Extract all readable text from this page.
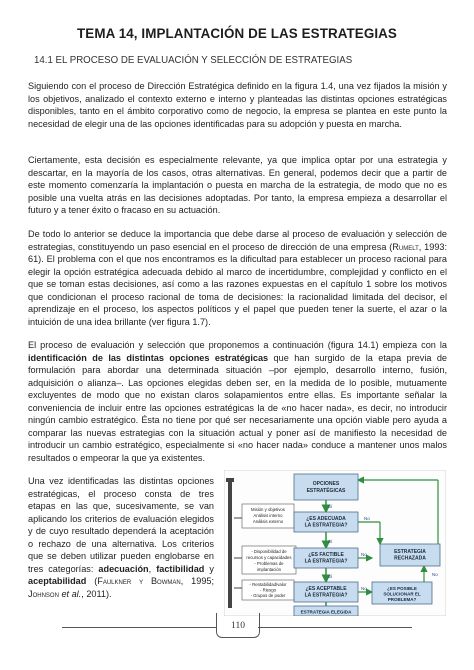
TEMA 14, IMPLANTACIÓN DE LAS ESTRATEGIAS
14.1 EL PROCESO DE EVALUACIÓN Y SELECCIÓN DE ESTRATEGIAS

Siguiendo con el proceso de Dirección Estratégica definido en la figura 1.4, una vez fijados la misión y los objetivos, analizado el contexto externo e interno y planteadas las distintas opciones estratégicas disponibles, tanto en el ámbito corporativo como de negocio, la empresa se plantea en este punto la necesidad de elegir una de las opciones identificadas para su adopción y puesta en marcha.

Ciertamente, esta decisión es especialmente relevante, ya que implica optar por una estrategia y descartar, en la mayoría de los casos, otras alternativas. En general, podemos decir que a partir de este momento comenzaría la implantación o puesta en marcha de la estrategia, de modo que no es posible una vuelta atrás en las decisiones adoptadas. Por tanto, la empresa empieza a desarrollar el futuro y a tener éxito o fracaso en su actuación.

De todo lo anterior se deduce la importancia que debe darse al proceso de evaluación y selección de estrategias, constituyendo un paso esencial en el proceso de dirección de una empresa (Rumelt, 1993: 61). El problema con el que nos encontramos es la dificultad para establecer un proceso racional para elegir la opción estratégica adecuada debido al marco de incertidumbre, complejidad y conflicto en el que se toman estas decisiones, así como a las razones expuestas en el capítulo 1 sobre los motivos que condicionan el proceso racional de toma de decisiones: la racionalidad limitada del decisor, el aprendizaje en el proceso, los aspectos políticos y el papel que pueden tener la suerte, el azar o la intuición de una idea brillante (ver figura 1.7).

El proceso de evaluación y selección que proponemos a continuación (figura 14.1) empieza con la identificación de las distintas opciones estratégicas que han surgido de la etapa previa de formulación para abordar una determinada situación –por ejemplo, desarrollo interno, fusión, adquisición o alianza–. Las opciones elegidas deben ser, en la medida de lo posible, mutuamente excluyentes de modo que no existan claros solapamientos entre ellas. Es importante señalar la conveniencia de incluir entre las opciones estratégicas la de «no hacer nada», es decir, no introducir ningún cambio estratégico. Ésta no tiene por qué ser necesariamente una opción viable pero ayuda a comparar las nuevas estrategias con la situación actual y poner así de manifiesto la necesidad de introducir un cambio estratégico, especialmente si «no hacer nada» conduce a mantener unos malos resultados o empeorar la que ya existentes.

Una vez identificadas las distintas opciones estratégicas, el proceso consta de tres etapas en las que, sucesivamente, se van aplicando los criterios de evaluación elegidos y de cuyo resultado dependerá la aceptación o rechazo de una alternativa. Los criterios que se deben utilizar pueden englobarse en tres categorías: adecuación, factibilidad y aceptabilidad (Faulkner y Bowman, 1995; Johnson et al., 2011).

Misión y objetivos
Análisis interno
Análisis externo
- Disponibilidad de
recursos y capacidades
- Problemas de
implantación
- Rentabilidad/valor
- Riesgo
- Grupos de poder
OPCIONES ESTRATÉGICAS
¿ES ADECUADA LA ESTRATEGIA?
¿ES FACTIBLE LA ESTRATEGIA?
¿ES ACEPTABLE LA ESTRATEGIA?
ESTRATEGIA RECHAZADA
¿ES POSIBLE SOLUCIONAR EL PROBLEMA?
ESTRATEGIA ELEGIDA
No
No
No
Sí
Sí
Sí	No
110
